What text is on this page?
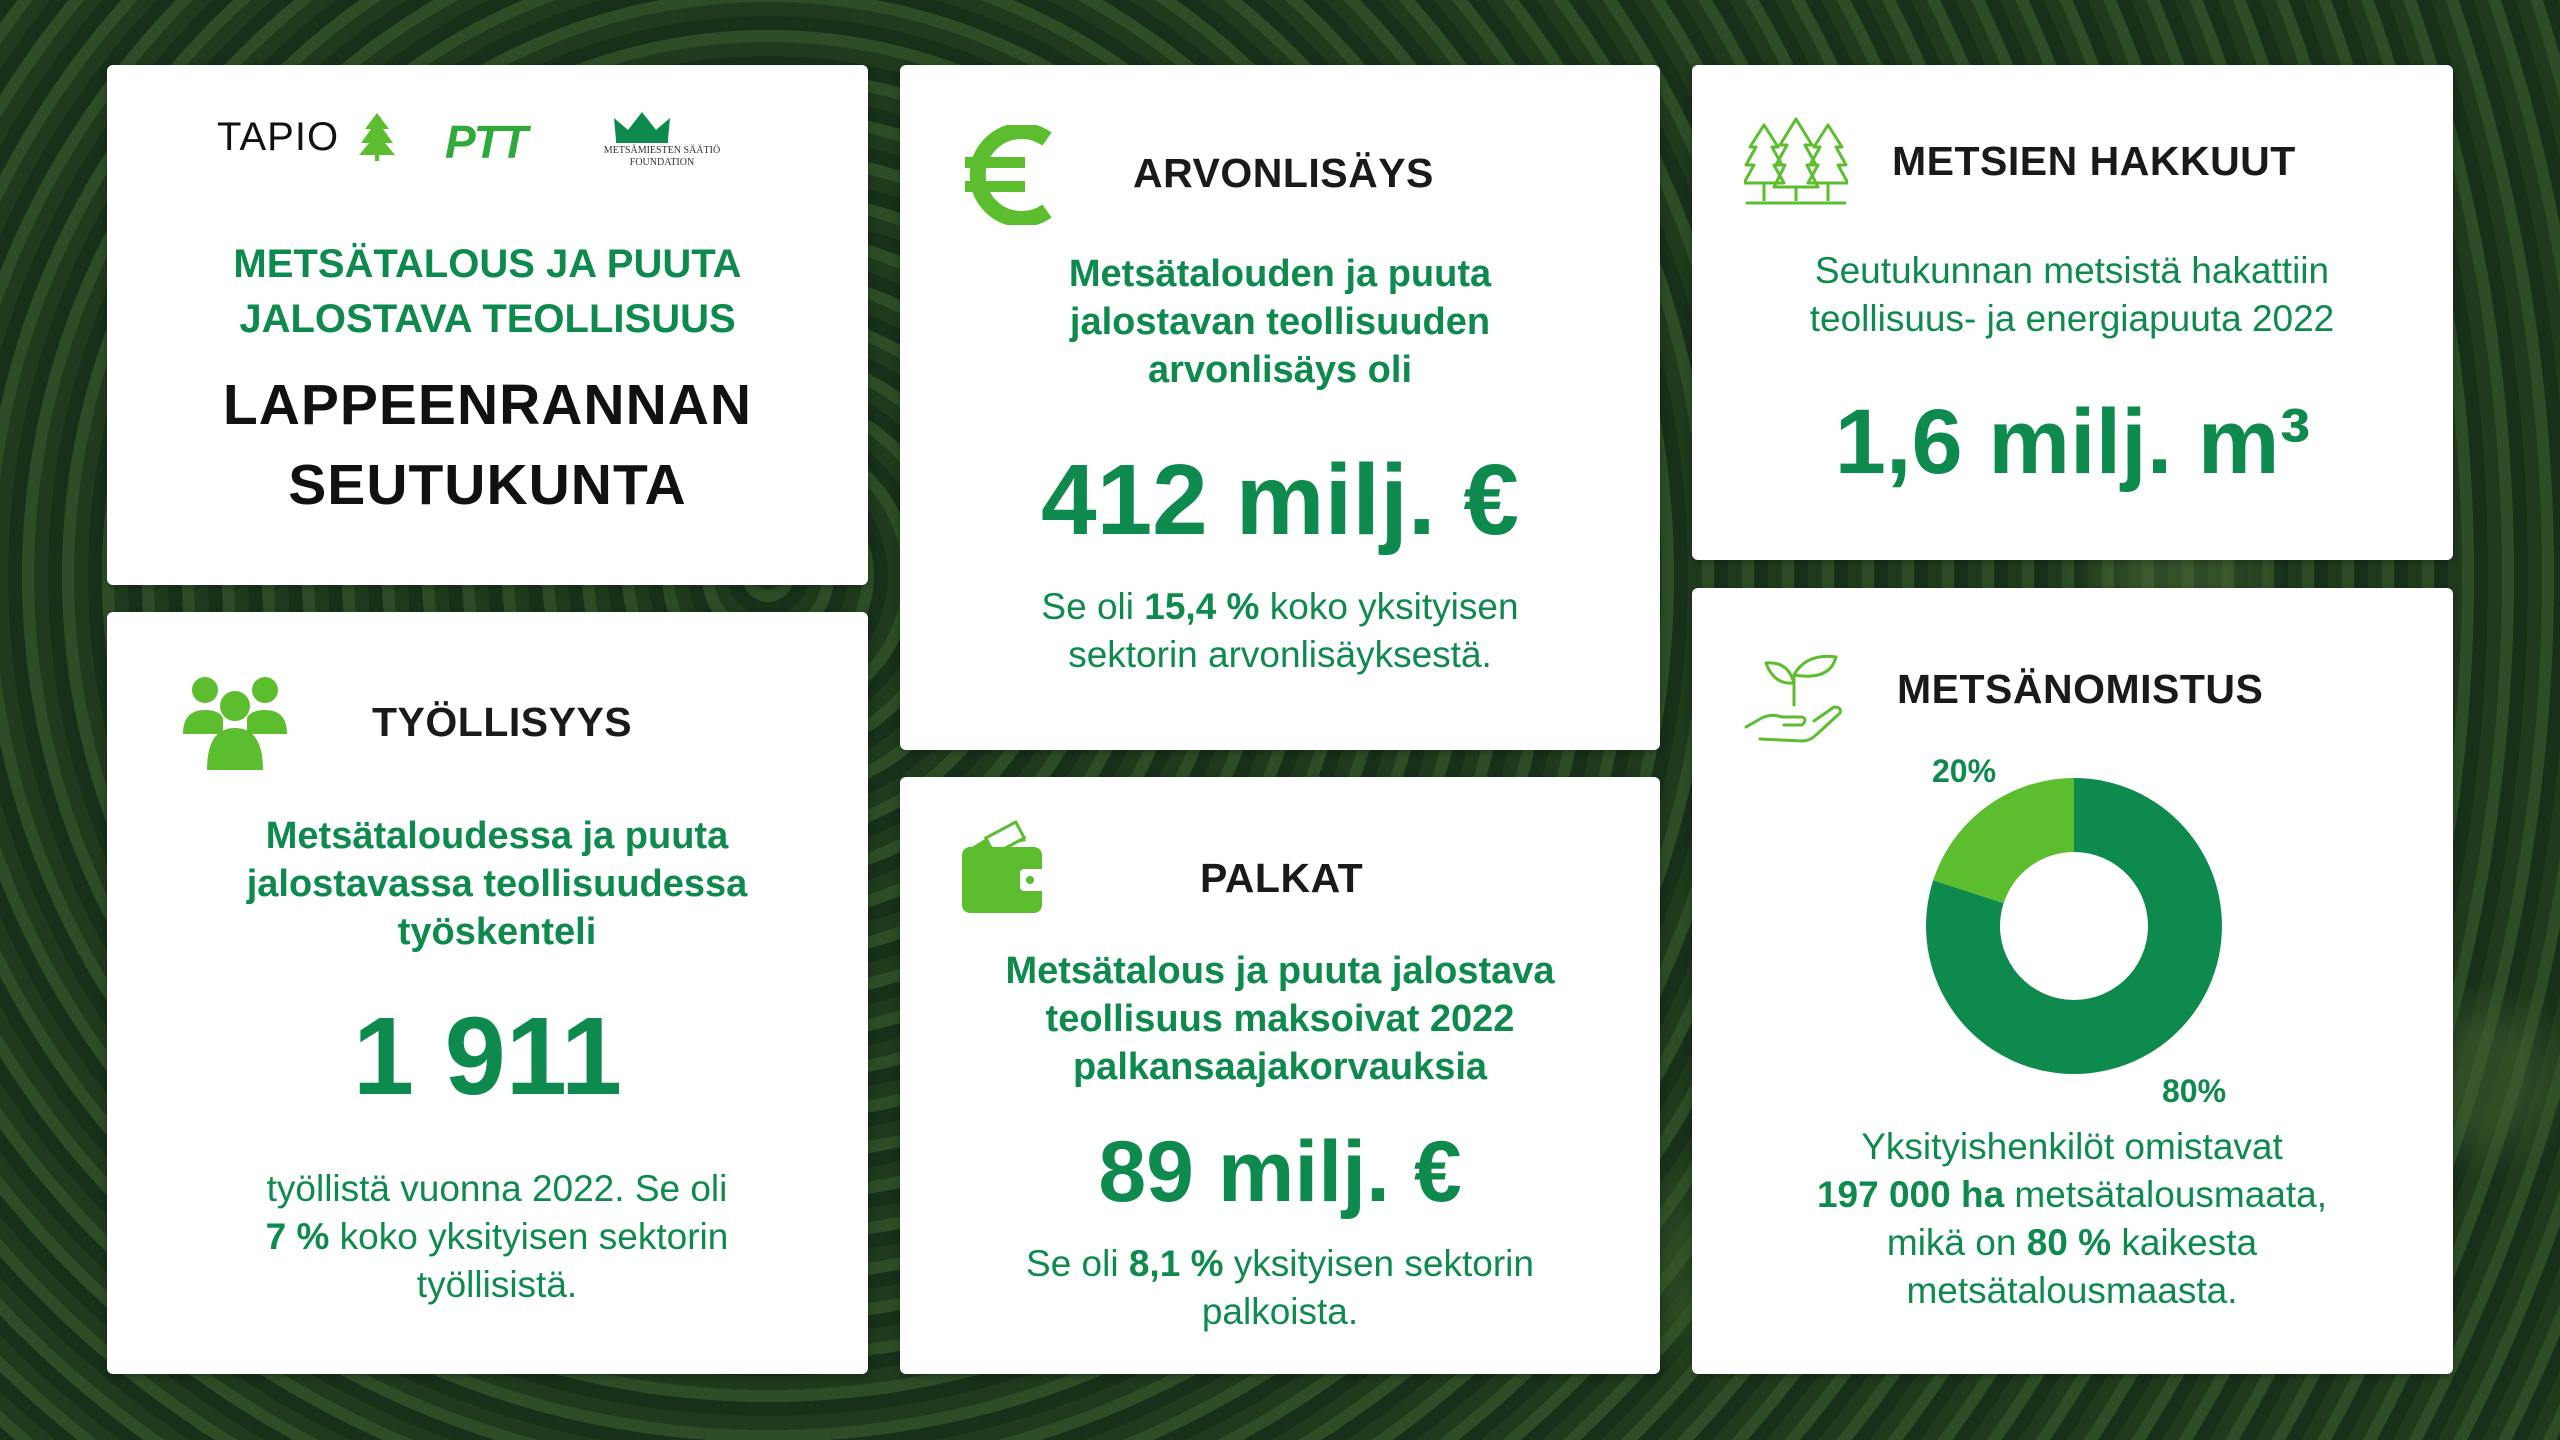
TAPIO PTT	METSÄMIESTEN SÄÄTIÖ
FOUNDATION
METSÄTALOUS JA PUUTA
JALOSTAVA TEOLLISUUS
LAPPEENRANNAN
SEUTUKUNTA
ARVONLISÄYS
Metsätalouden ja puuta
jalostavan teollisuuden
arvonlisäys oli
412 milj. €
Se oli 15,4 % koko yksityisen
sektorin arvonlisäyksestä.
METSIEN HAKKUUT
Seutukunnan metsistä hakattiin
teollisuus- ja energiapuuta 2022
1,6 milj. m³
TYÖLLISYYS
Metsätaloudessa ja puuta
jalostavassa teollisuudessa
työskenteli
1 911
työllistä vuonna 2022. Se oli
7 % koko yksityisen sektorin
työllisistä.
PALKAT
Metsätalous ja puuta jalostava
teollisuus maksoivat 2022
palkansaajakorvauksia
89 milj. €
Se oli 8,1 % yksityisen sektorin
palkoista.
METSÄNOMISTUS
20%
80%
Yksityishenkilöt omistavat
197 000 ha metsätalousmaata,
mikä on 80 % kaikesta
metsätalousmaasta.
